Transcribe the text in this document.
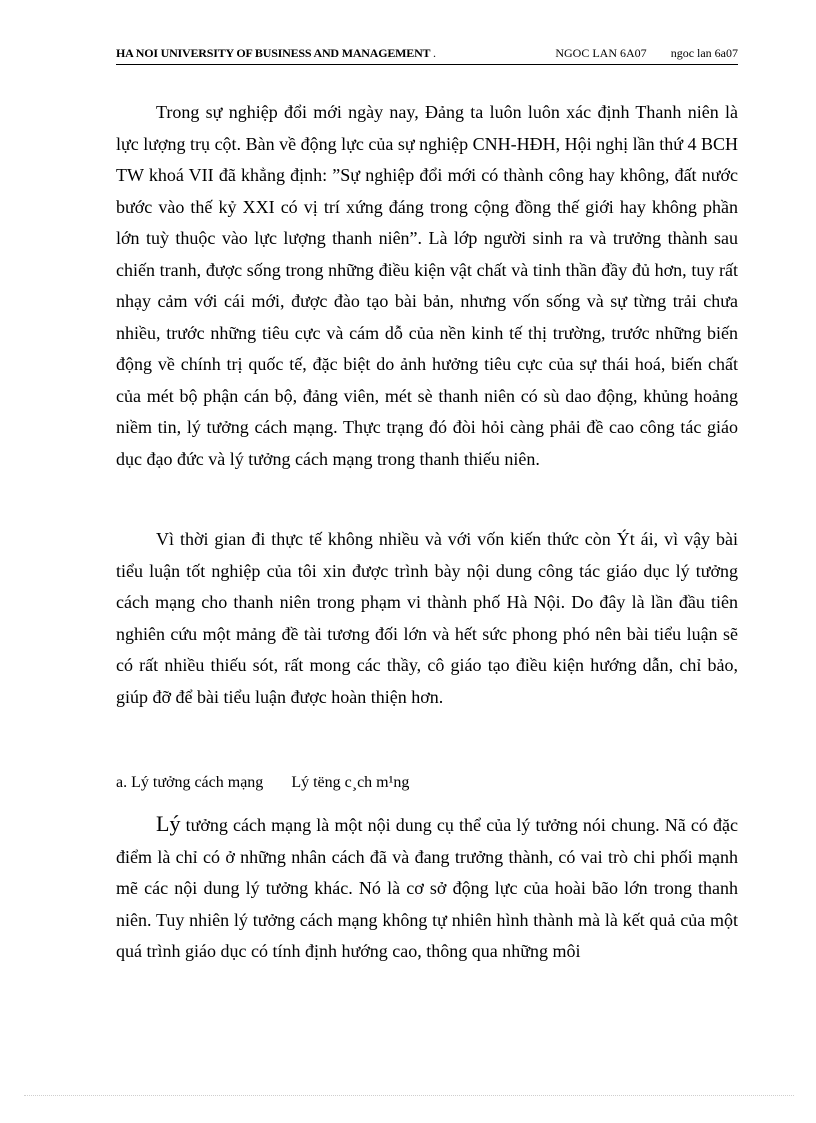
HA NOI UNIVERSITY OF BUSINESS AND MANAGEMENT .	NGOC LAN 6A07 ngoc lan 6a07

Trong sự nghiệp đổi mới ngày nay, Đảng ta luôn luôn xác định Thanh niên là lực lượng trụ cột. Bàn về động lực của sự nghiệp CNH-HĐH, Hội nghị lần thứ 4 BCH TW khoá VII đã khẳng định: ”Sự nghiệp đổi mới có thành công hay không, đất nước bước vào thế kỷ XXI có vị trí xứng đáng trong cộng đồng thế giới hay không phần lớn tuỳ thuộc vào lực lượng thanh niên”. Là lớp người sinh ra và trưởng thành sau chiến tranh, được sống trong những điều kiện vật chất và tinh thần đầy đủ hơn, tuy rất nhạy cảm với cái mới, được đào tạo bài bản, nhưng vốn sống và sự từng trải chưa nhiều, trước những tiêu cực và cám dỗ của nền kinh tế thị trường, trước những biến động về chính trị quốc tế, đặc biệt do ảnh hưởng tiêu cực của sự thái hoá, biến chất của mét bộ phận cán bộ, đảng viên, mét sè thanh niên có sù dao động, khủng hoảng niềm tin, lý tưởng cách mạng. Thực trạng đó đòi hỏi càng phải đề cao công tác giáo dục đạo đức và lý tưởng cách mạng trong thanh thiếu niên.

Vì thời gian đi thực tế không nhiều và với vốn kiến thức còn Ýt ái, vì vậy bài tiểu luận tốt nghiệp của tôi xin được trình bày nội dung công tác giáo dục lý tưởng cách mạng cho thanh niên trong phạm vi thành phố Hà Nội. Do đây là lần đầu tiên nghiên cứu một mảng đề tài tương đối lớn và hết sức phong phó nên bài tiểu luận sẽ có rất nhiều thiếu sót, rất mong các thầy, cô giáo tạo điều kiện hướng dẫn, chỉ bảo, giúp đỡ để bài tiểu luận được hoàn thiện hơn.

a. Lý tưởng cách mạng Lý tëng c¸ch m¹ng

Lý tưởng cách mạng là một nội dung cụ thể của lý tưởng nói chung. Nã có đặc điểm là chỉ có ở những nhân cách đã và đang trưởng thành, có vai trò chi phối mạnh mẽ các nội dung lý tưởng khác. Nó là cơ sở động lực của hoài bão lớn trong thanh niên. Tuy nhiên lý tưởng cách mạng không tự nhiên hình thành mà là kết quả của một quá trình giáo dục có tính định hướng cao, thông qua những môi
